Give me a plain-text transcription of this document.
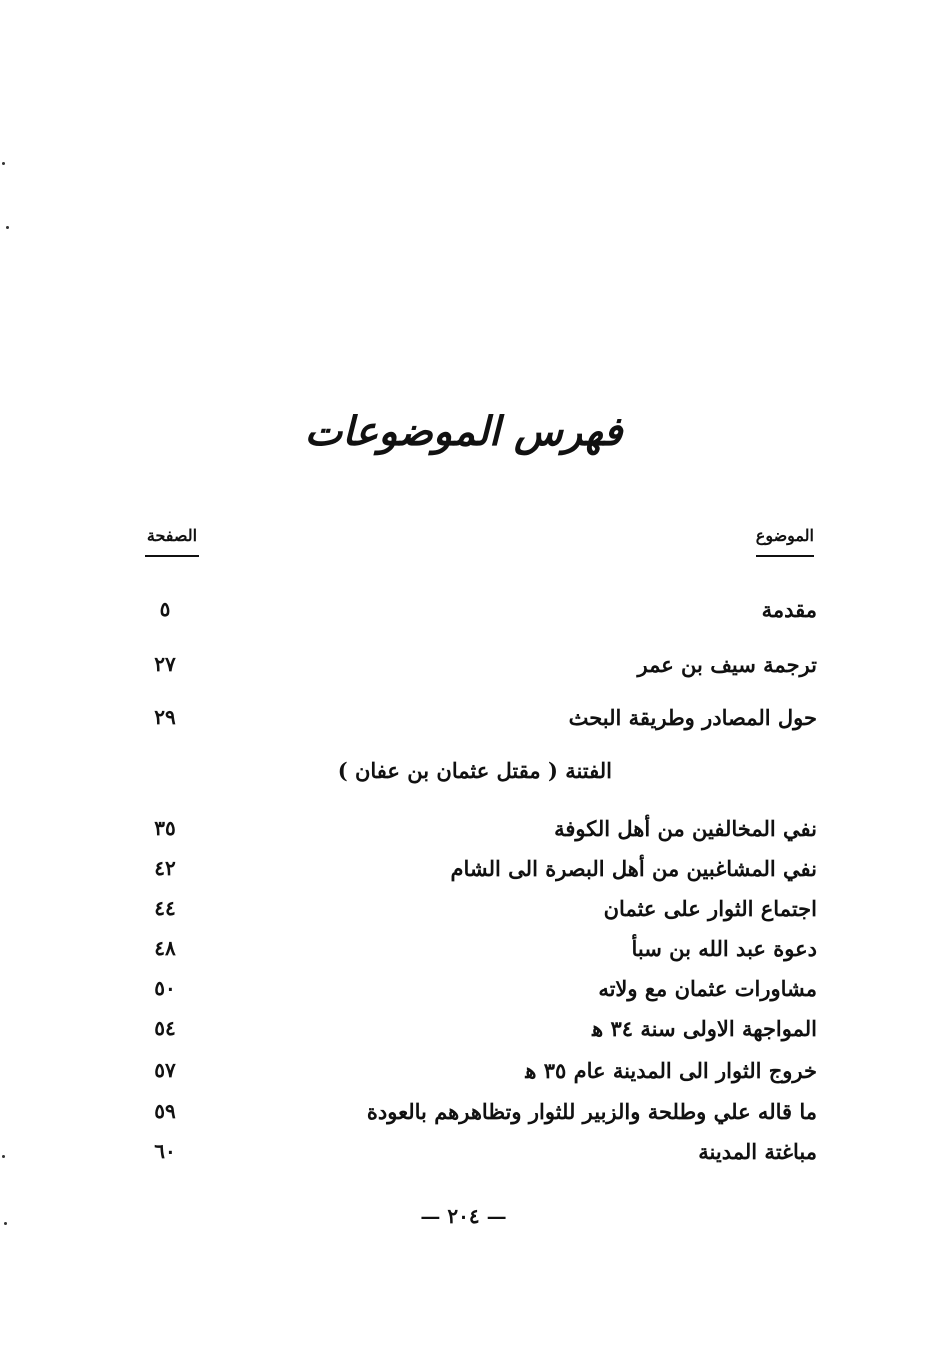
فهرس الموضوعات
الموضوع
الصفحة
مقدمة
٥
ترجمة سيف بن عمر
٢٧
حول المصادر وطريقة البحث
٢٩
الفتنة ( مقتل عثمان بن عفان )
نفي المخالفين من أهل الكوفة
٣٥
نفي المشاغبين من أهل البصرة الى الشام
٤٢
اجتماع الثوار على عثمان
٤٤
دعوة عبد الله بن سبأ
٤٨
مشاورات عثمان مع ولاته
٥٠
المواجهة الاولى سنة ٣٤ ﻫ
٥٤
خروج الثوار الى المدينة عام ٣٥ ﻫ
٥٧
ما قاله علي وطلحة والزبير للثوار وتظاهرهم بالعودة
٥٩
مباغتة المدينة
٦٠
— ٢٠٤ —
